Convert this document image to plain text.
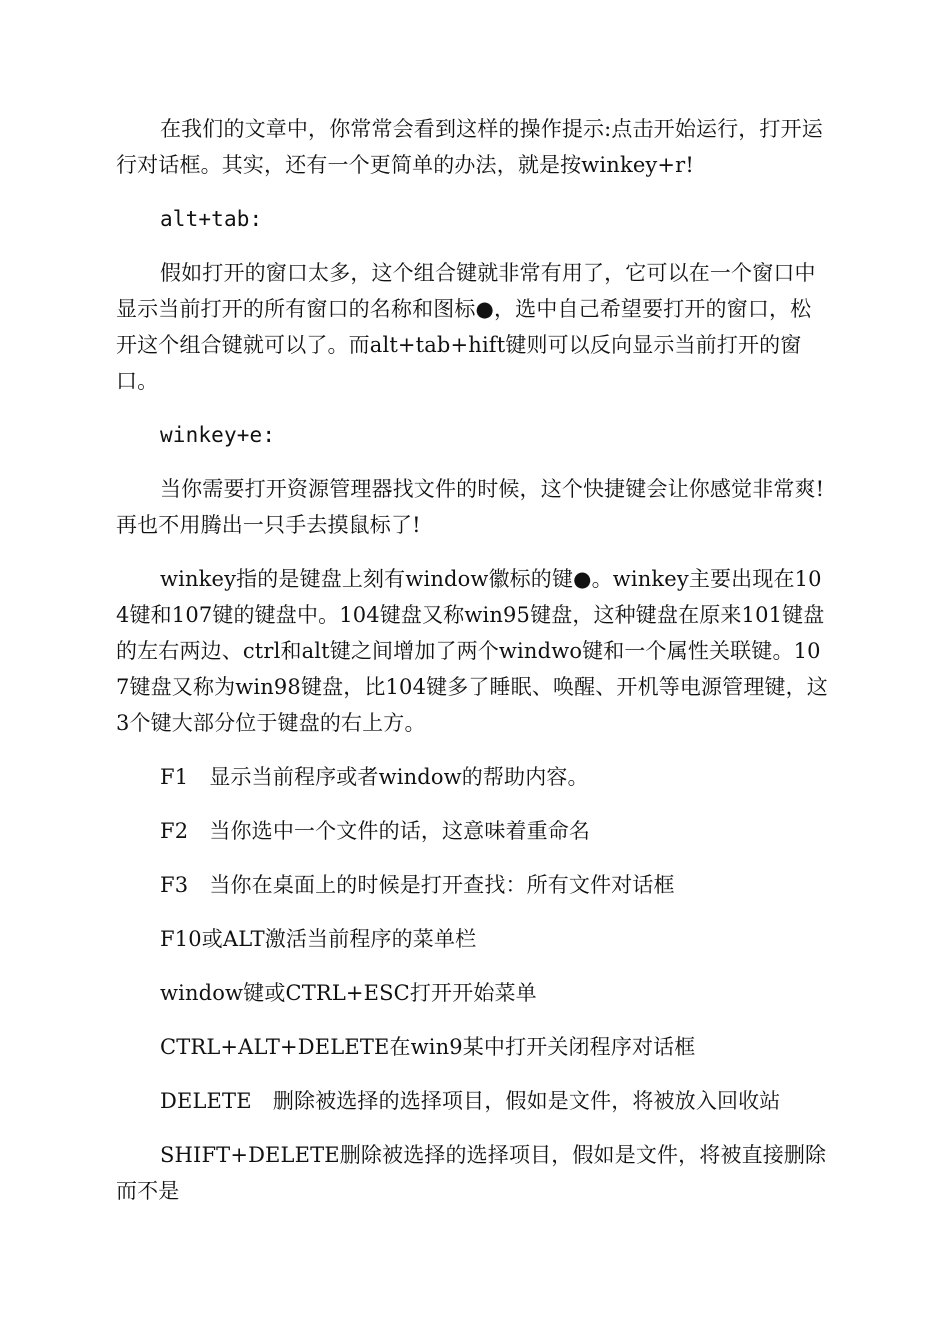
在我们的文章中，你常常会看到这样的操作提示:点击开始运行，打开运行对话框。其实，还有一个更简单的办法，就是按winkey+r!

alt+tab:

假如打开的窗口太多，这个组合键就非常有用了，它可以在一个窗口中显示当前打开的所有窗口的名称和图标●，选中自己希望要打开的窗口，松开这个组合键就可以了。而alt+tab+hift键则可以反向显示当前打开的窗口。

winkey+e:

当你需要打开资源管理器找文件的时候，这个快捷键会让你感觉非常爽!再也不用腾出一只手去摸鼠标了!

winkey指的是键盘上刻有window徽标的键●。winkey主要出现在104键和107键的键盘中。104键盘又称win95键盘，这种键盘在原来101键盘的左右两边、ctrl和alt键之间增加了两个windwo键和一个属性关联键。107键盘又称为win98键盘，比104键多了睡眠、唤醒、开机等电源管理键，这3个键大部分位于键盘的右上方。

F1　显示当前程序或者window的帮助内容。

F2　当你选中一个文件的话，这意味着重命名

F3　当你在桌面上的时候是打开查找：所有文件对话框

F10或ALT激活当前程序的菜单栏

window键或CTRL+ESC打开开始菜单

CTRL+ALT+DELETE在win9某中打开关闭程序对话框

DELETE　删除被选择的选择项目，假如是文件，将被放入回收站

SHIFT+DELETE删除被选择的选择项目，假如是文件，将被直接删除而不是
